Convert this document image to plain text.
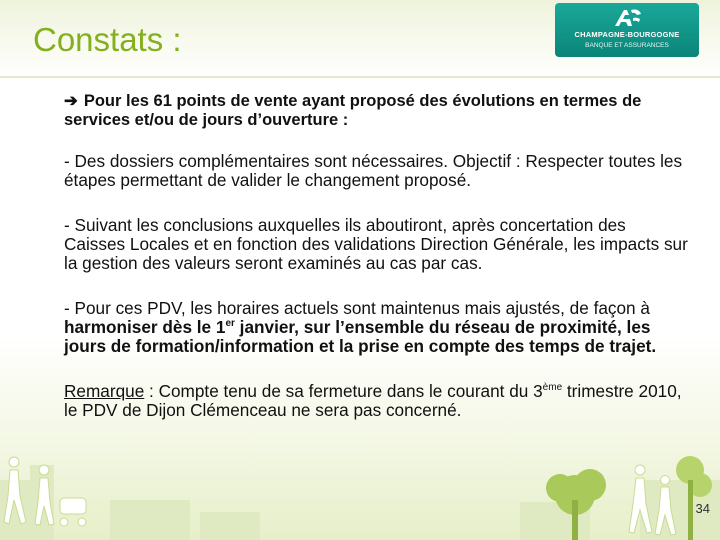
Constats :	CHAMPAGNE-BOURGOGNE
BANQUE ET ASSURANCES

➔ Pour les 61 points de vente ayant proposé des évolutions en termes de services et/ou de jours d’ouverture :

- Des dossiers complémentaires sont nécessaires. Objectif : Respecter toutes les étapes permettant de valider le changement proposé.

- Suivant les conclusions auxquelles ils aboutiront, après concertation des Caisses Locales et en fonction des validations Direction Générale, les impacts sur la gestion des valeurs seront examinés au cas par cas.

- Pour ces PDV, les horaires actuels sont maintenus mais ajustés, de façon à harmoniser dès le 1er janvier, sur l’ensemble du réseau de proximité, les jours de formation/information et la prise en compte des temps de trajet.

Remarque : Compte tenu de sa fermeture dans le courant du 3ème trimestre 2010, le PDV de Dijon Clémenceau ne sera pas concerné.

34
